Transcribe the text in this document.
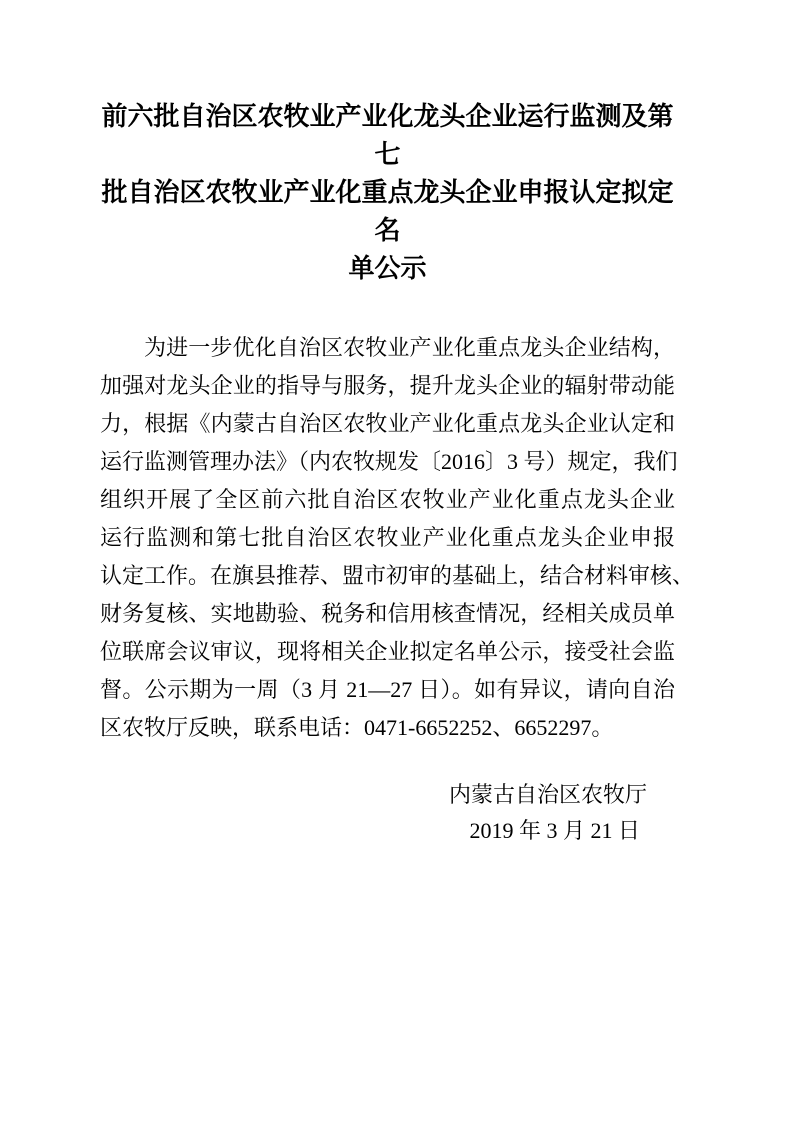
前六批自治区农牧业产业化龙头企业运行监测及第七
批自治区农牧业产业化重点龙头企业申报认定拟定名
单公示
为进一步优化自治区农牧业产业化重点龙头企业结构，
加强对龙头企业的指导与服务，提升龙头企业的辐射带动能
力，根据《内蒙古自治区农牧业产业化重点龙头企业认定和
运行监测管理办法》（内农牧规发〔2016〕3 号）规定，我们
组织开展了全区前六批自治区农牧业产业化重点龙头企业
运行监测和第七批自治区农牧业产业化重点龙头企业申报
认定工作。在旗县推荐、盟市初审的基础上，结合材料审核、
财务复核、实地勘验、税务和信用核查情况，经相关成员单
位联席会议审议，现将相关企业拟定名单公示，接受社会监
督。公示期为一周（3 月 21—27 日）。如有异议，请向自治
区农牧厅反映，联系电话：0471-6652252、6652297。
内蒙古自治区农牧厅
2019 年 3 月 21 日
